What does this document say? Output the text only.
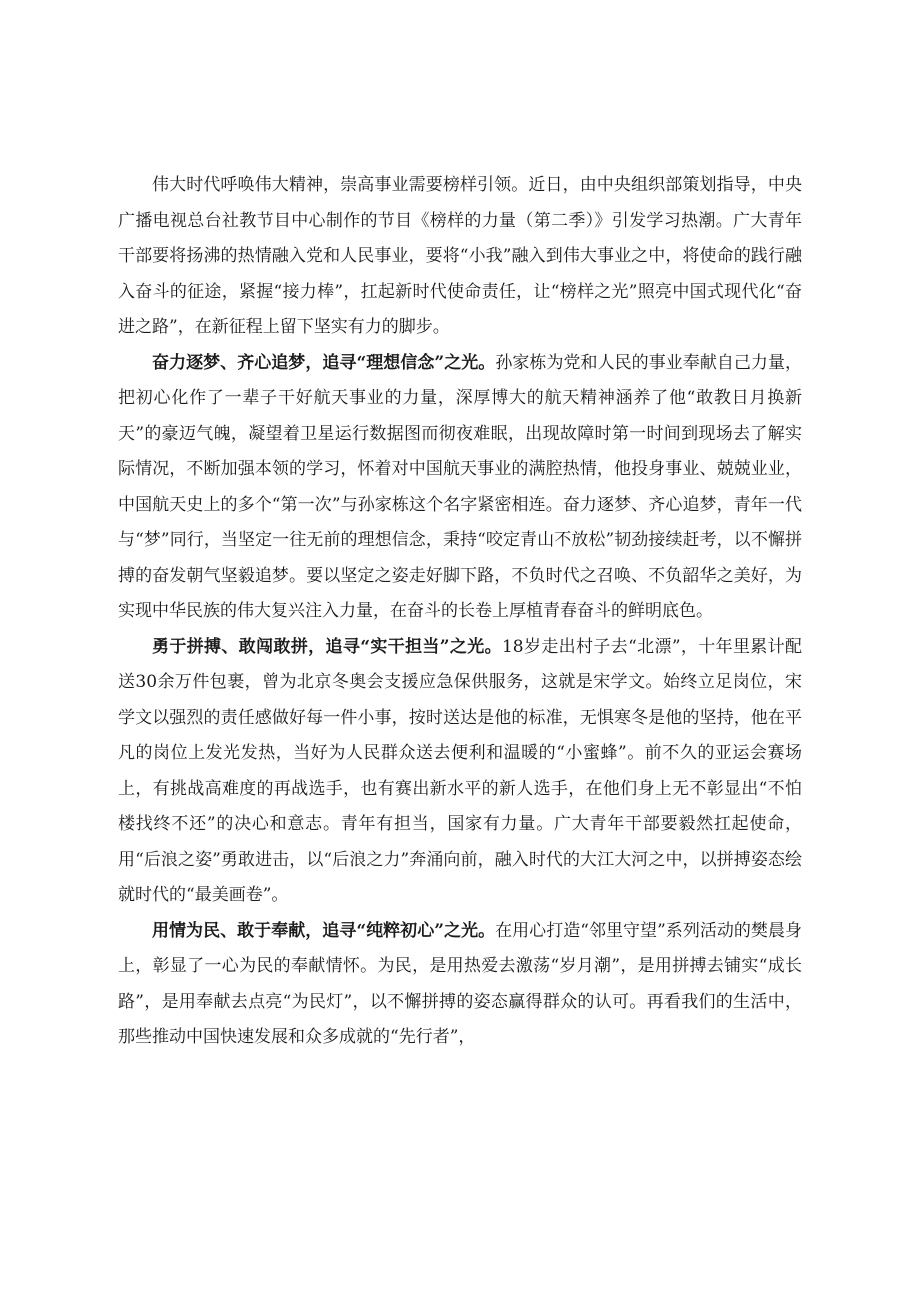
伟大时代呼唤伟大精神，崇高事业需要榜样引领。近日，由中央组织部策划指导，中央广播电视总台社教节目中心制作的节目《榜样的力量（第二季）》引发学习热潮。广大青年干部要将扬沸的热情融入党和人民事业，要将“小我”融入到伟大事业之中，将使命的践行融入奋斗的征途，紧握“接力棒”，扛起新时代使命责任，让“榜样之光”照亮中国式现代化“奋进之路”，在新征程上留下坚实有力的脚步。

奋力逐梦、齐心追梦，追寻“理想信念”之光。孙家栋为党和人民的事业奉献自己力量，把初心化作了一辈子干好航天事业的力量，深厚博大的航天精神涵养了他“敢教日月换新天”的豪迈气魄，凝望着卫星运行数据图而彻夜难眠，出现故障时第一时间到现场去了解实际情况，不断加强本领的学习，怀着对中国航天事业的满腔热情，他投身事业、兢兢业业，中国航天史上的多个“第一次”与孙家栋这个名字紧密相连。奋力逐梦、齐心追梦，青年一代与“梦”同行，当坚定一往无前的理想信念，秉持“咬定青山不放松”韧劲接续赶考，以不懈拼搏的奋发朝气坚毅追梦。要以坚定之姿走好脚下路，不负时代之召唤、不负韶华之美好，为实现中华民族的伟大复兴注入力量，在奋斗的长卷上厚植青春奋斗的鲜明底色。

勇于拼搏、敢闯敢拼，追寻“实干担当”之光。18岁走出村子去“北漂”，十年里累计配送30余万件包裹，曾为北京冬奥会支援应急保供服务，这就是宋学文。始终立足岗位，宋学文以强烈的责任感做好每一件小事，按时送达是他的标准，无惧寒冬是他的坚持，他在平凡的岗位上发光发热，当好为人民群众送去便利和温暖的“小蜜蜂”。前不久的亚运会赛场上，有挑战高难度的再战选手，也有赛出新水平的新人选手，在他们身上无不彰显出“不怕楼找终不还”的决心和意志。青年有担当，国家有力量。广大青年干部要毅然扛起使命，用“后浪之姿”勇敢进击，以“后浪之力”奔涌向前，融入时代的大江大河之中，以拼搏姿态绘就时代的“最美画卷”。

用情为民、敢于奉献，追寻“纯粹初心”之光。在用心打造“邻里守望”系列活动的樊晨身上，彰显了一心为民的奉献情怀。为民，是用热爱去激荡“岁月潮”，是用拼搏去铺实“成长路”，是用奉献去点亮“为民灯”，以不懈拼搏的姿态赢得群众的认可。再看我们的生活中，那些推动中国快速发展和众多成就的“先行者”，
